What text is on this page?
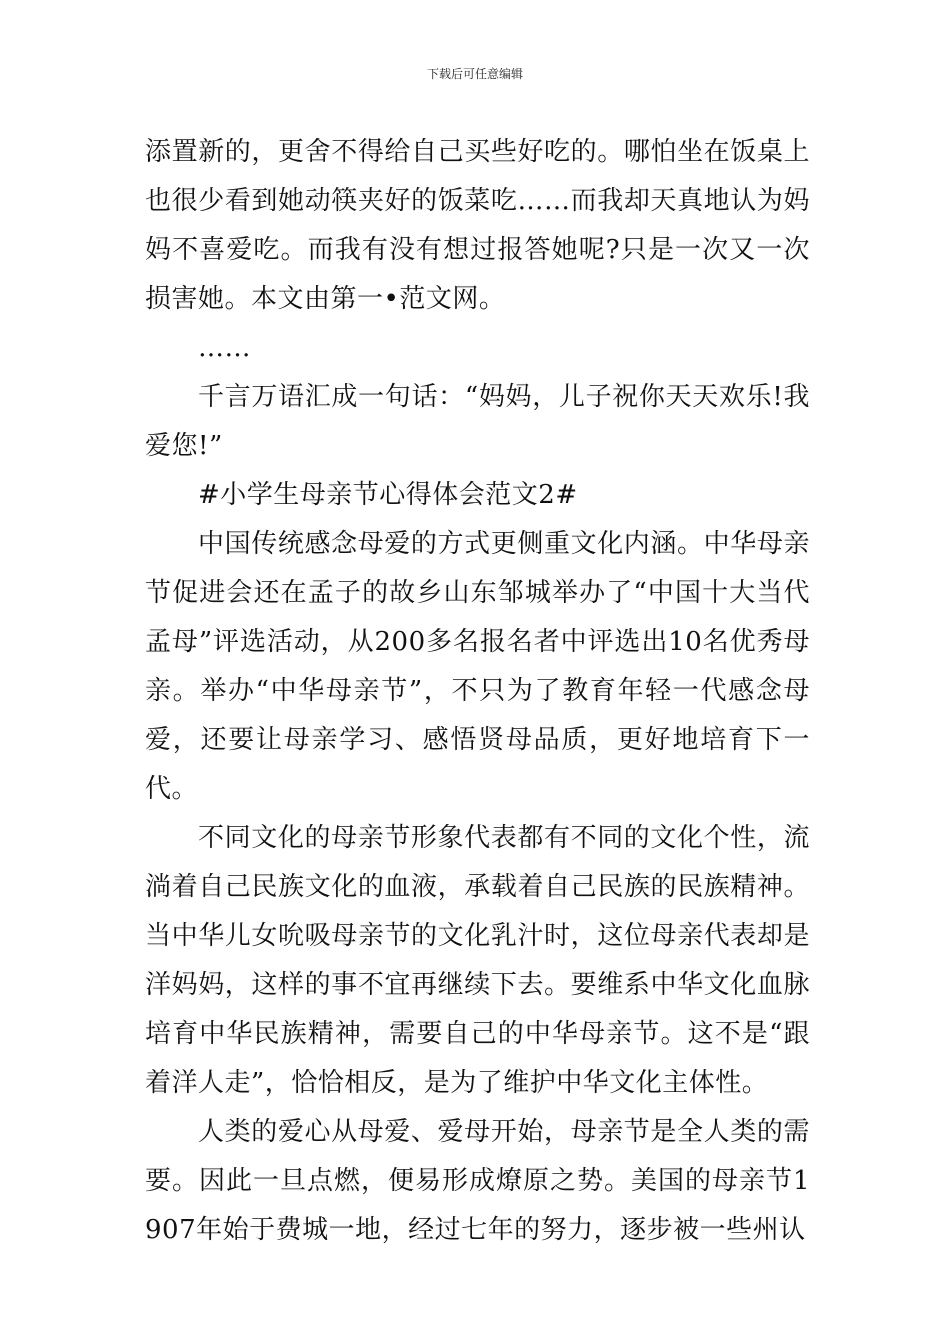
下载后可任意编辑

添置新的，更舍不得给自己买些好吃的。哪怕坐在饭桌上也很少看到她动筷夹好的饭菜吃……而我却天真地认为妈妈不喜爱吃。而我有没有想过报答她呢?只是一次又一次损害她。本文由第一•范文网。

……

千言万语汇成一句话：“妈妈，儿子祝你天天欢乐!我爱您!”

#小学生母亲节心得体会范文2#

中国传统感念母爱的方式更侧重文化内涵。中华母亲节促进会还在孟子的故乡山东邹城举办了“中国十大当代孟母”评选活动，从200多名报名者中评选出10名优秀母亲。举办“中华母亲节”，不只为了教育年轻一代感念母爱，还要让母亲学习、感悟贤母品质，更好地培育下一代。

不同文化的母亲节形象代表都有不同的文化个性，流淌着自己民族文化的血液，承载着自己民族的民族精神。当中华儿女吮吸母亲节的文化乳汁时，这位母亲代表却是洋妈妈，这样的事不宜再继续下去。要维系中华文化血脉培育中华民族精神，需要自己的中华母亲节。这不是“跟着洋人走”，恰恰相反，是为了维护中华文化主体性。

人类的爱心从母爱、爱母开始，母亲节是全人类的需要。因此一旦点燃，便易形成燎原之势。美国的母亲节1907年始于费城一地，经过七年的努力，逐步被一些州认
